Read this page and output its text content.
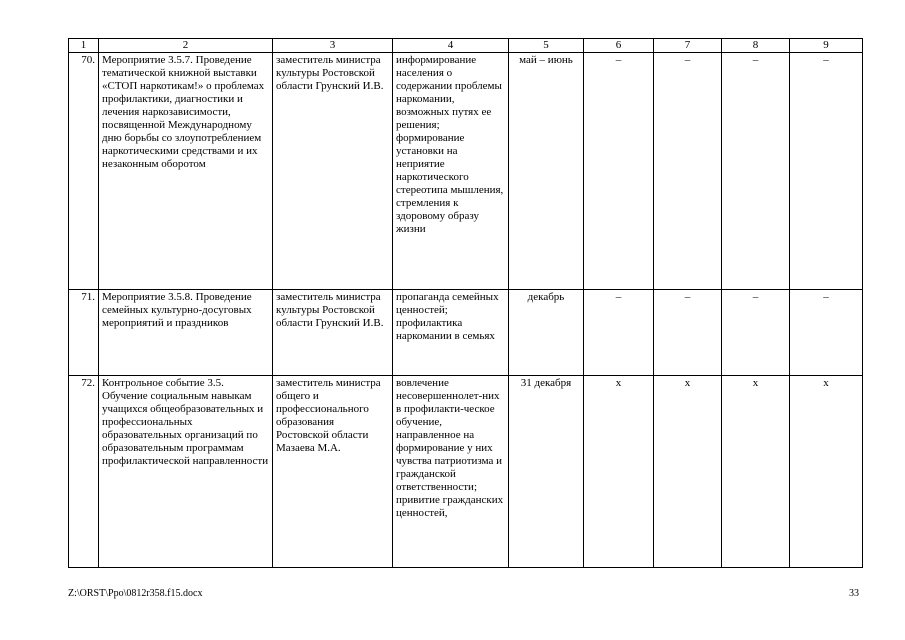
1	2	3	4	5	6	7	8	9
70.	Мероприятие 3.5.7. Проведение тематической книжной выставки «СТОП наркотикам!» о проблемах профилактики, диагностики и лечения наркозависимости, посвященной Международному дню борьбы со злоупотреблением наркотическими средствами и их незаконным оборотом	заместитель министра культуры Ростовской области Грунский И.В.	информирование населения о содержании проблемы наркомании, возможных путях ее решения; формирование установки на неприятие наркотического стереотипа мышления, стремления к здоровому образу жизни	май – июнь	–	–	–	–
71.	Мероприятие 3.5.8. Проведение семейных культурно-досуговых мероприятий и праздников	заместитель министра культуры Ростовской области Грунский И.В.	пропаганда семейных ценностей; профилактика наркомании в семьях	декабрь	–	–	–	–
72.	Контрольное событие 3.5. Обучение социальным навыкам учащихся общеобразовательных и профессиональных образовательных организаций по образовательным программам профилактической направленности	заместитель министра общего и профессионального образования Ростовской области Мазаева М.А.	вовлечение несовершеннолет-них в профилакти-ческое обучение, направленное на формирование у них чувства патриотизма и гражданской ответственности; привитие гражданских ценностей,	31 декабря	х	х	х	х
Z:\ORST\Ppo\0812r358.f15.docx	33
